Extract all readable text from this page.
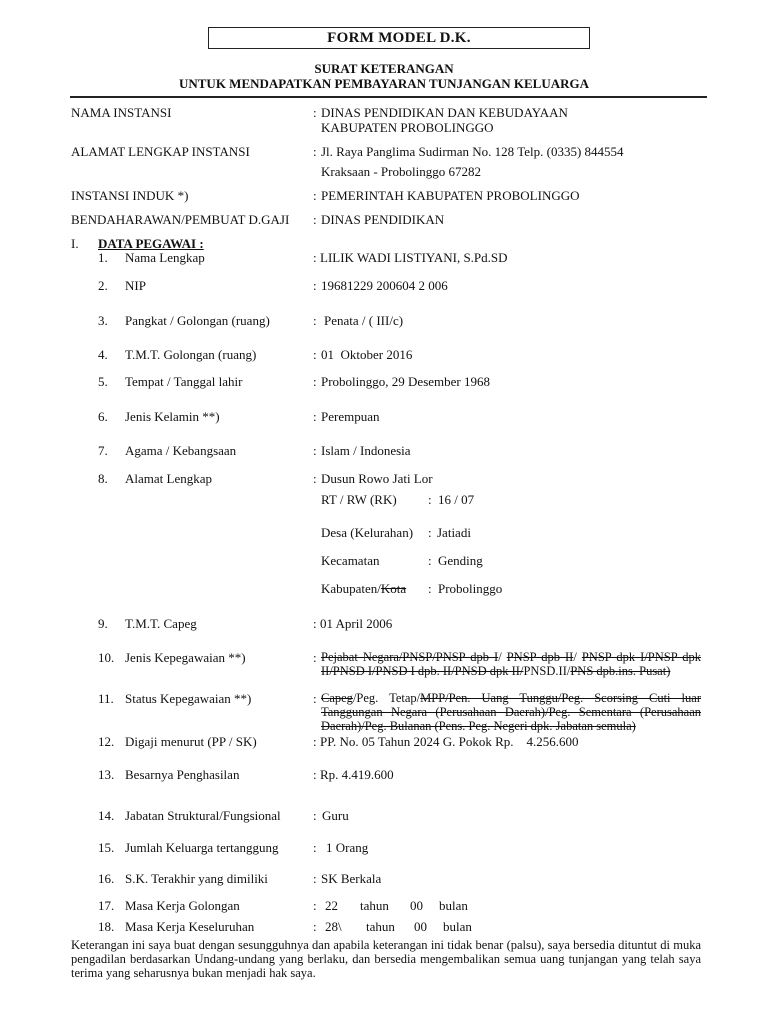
FORM MODEL D.K.
SURAT KETERANGAN
UNTUK MENDAPATKAN PEMBAYARAN TUNJANGAN KELUARGA
NAMA INSTANSI	: DINAS PENDIDIKAN DAN KEBUDAYAAN
KABUPATEN PROBOLINGGO
ALAMAT LENGKAP INSTANSI	: Jl. Raya Panglima Sudirman No. 128 Telp. (0335) 844554
Kraksaan - Probolinggo 67282
INSTANSI INDUK *)	: PEMERINTAH KABUPATEN PROBOLINGGO
BENDAHARAWAN/PEMBUAT D.GAJI : DINAS PENDIDIKAN
I. DATA PEGAWAI :
1. Nama Lengkap	: LILIK WADI LISTIYANI, S.Pd.SD
2. NIP	: 19681229 200604 2 006
3. Pangkat / Golongan (ruang)	: Penata / ( III/c)
4. T.M.T. Golongan (ruang)	: 01  Oktober 2016
5. Tempat / Tanggal lahir	: Probolinggo, 29 Desember 1968
6. Jenis Kelamin **)	: Perempuan
7. Agama / Kebangsaan	: Islam / Indonesia
8. Alamat Lengkap	: Dusun Rowo Jati Lor
RT / RW (RK) : 16 / 07
Desa (Kelurahan) : Jatiadi
Kecamatan	: Gending
Kabupaten/Kota : Probolinggo
9. T.M.T. Capeg	: 01 April 2006
10. Jenis Kepegawaian **)	: Pejabat Negara/PNSP/PNSP dpb I/ PNSP dpb II/ PNSP dpk I/PNSP dpk II/PNSD I/PNSD I dpb. II/PNSD dpk II/PNSD.II/PNS dpb.ins. Pusat)
11. Status Kepegawaian **)	: Capeg/Peg. Tetap/MPP/Pen. Uang Tunggu/Peg. Scorsing Cuti luar Tanggungan Negara (Perusahaan Daerah)/Peg. Sementara (Perusahaan Daerah)/Peg. Bulanan (Pens. Peg. Negeri dpk. Jabatan semula)
12. Digaji menurut (PP / SK)	: PP. No. 05 Tahun 2024 G. Pokok Rp.    4.256.600
13. Besarnya Penghasilan	: Rp. 4.419.600
14. Jabatan Struktural/Fungsional : Guru
15. Jumlah Keluarga tertanggung	: 1 Orang
16. S.K. Terakhir yang dimiliki	: SK Berkala
17. Masa Kerja Golongan	: 22 tahun 00 bulan
18. Masa Kerja Keseluruhan	: 28\ tahun 00 bulan
Keterangan ini saya buat dengan sesungguhnya dan apabila keterangan ini tidak benar (palsu), saya bersedia dituntut di muka pengadilan berdasarkan Undang-undang yang berlaku, dan bersedia mengembalikan semua uang tunjangan yang telah saya terima yang seharusnya bukan menjadi hak saya.
